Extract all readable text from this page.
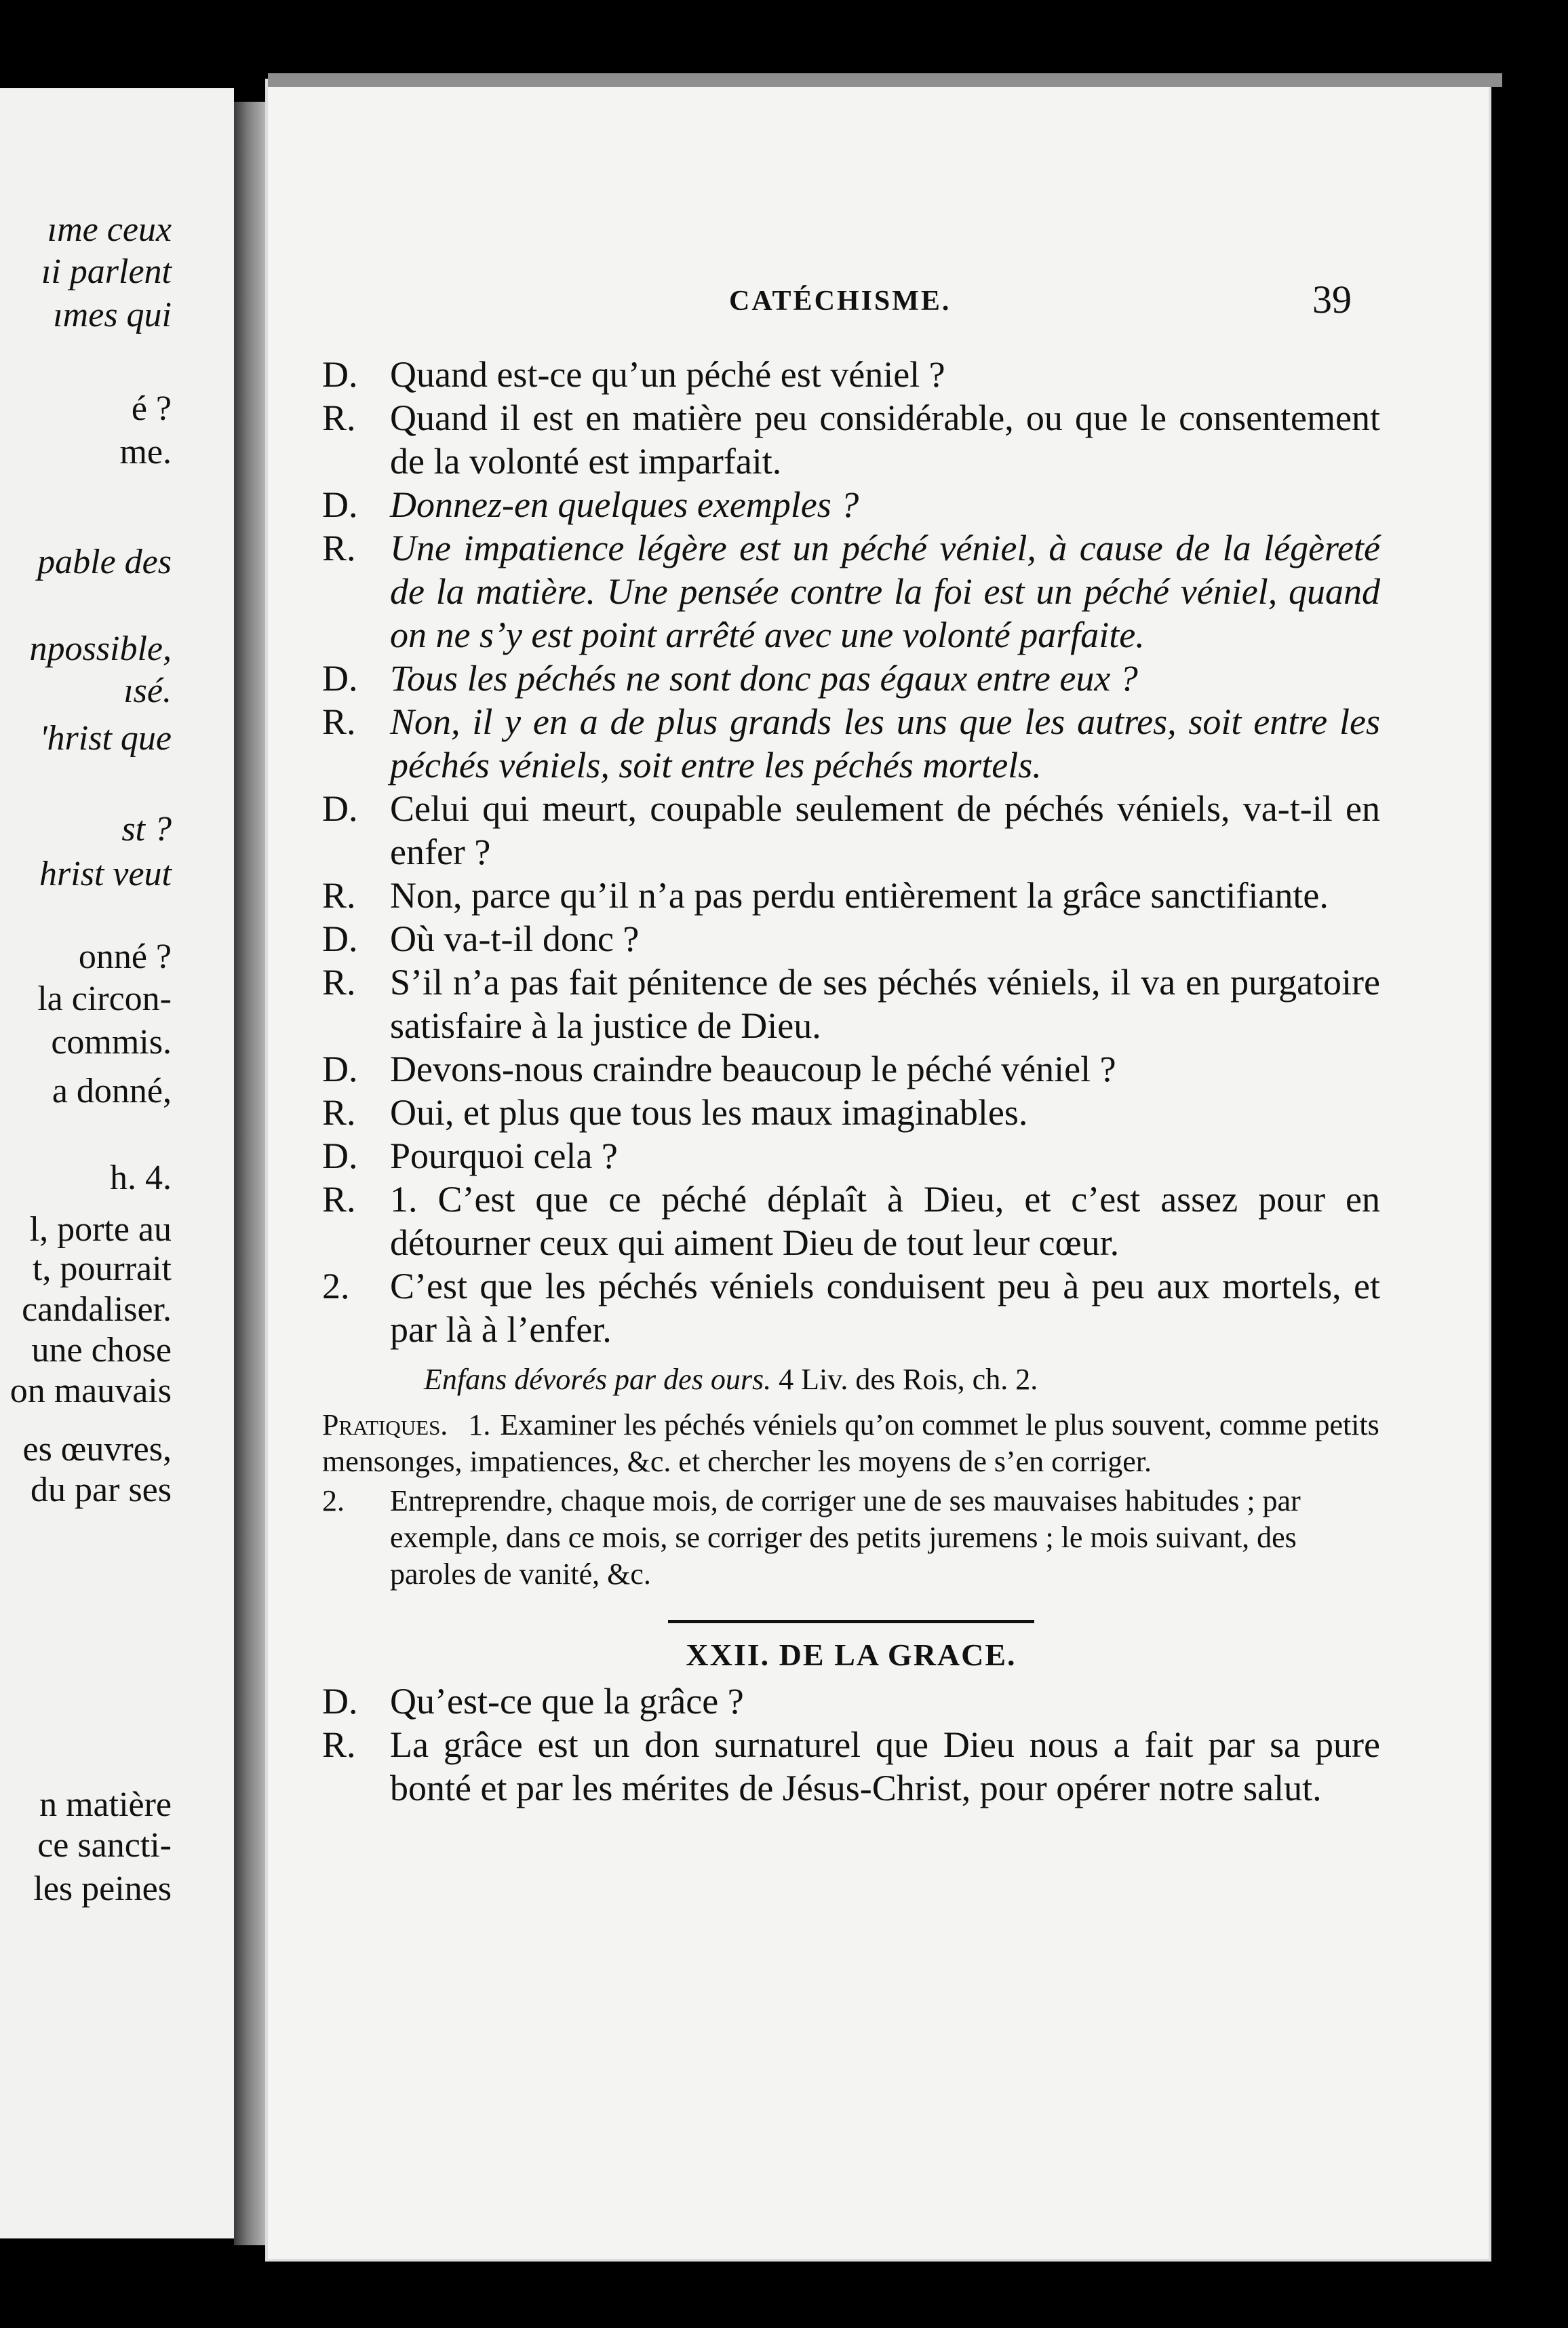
ıme ceux
ıi parlent
ımes qui
é ?
me.
pable des
npossible,
ısé.
'hrist que
st ?
hrist veut
onné ?
la circon-
commis.
a donné,
h. 4.
l, porte au
t, pourrait
candaliser.
une chose
on mauvais
es œuvres,
du par ses
n matière
ce sancti-
les peines
CATÉCHISME.	39
D. Quand est-ce qu’un péché est véniel ?
R. Quand il est en matière peu considérable, ou que le consentement de la volonté est imparfait.
D. Donnez-en quelques exemples ?
R. Une impatience légère est un péché véniel, à cause de la légèreté de la matière. Une pensée contre la foi est un péché véniel, quand on ne s’y est point arrêté avec une volonté parfaite.
D. Tous les péchés ne sont donc pas égaux entre eux ?
R. Non, il y en a de plus grands les uns que les autres, soit entre les péchés véniels, soit entre les péchés mortels.
D. Celui qui meurt, coupable seulement de péchés véniels, va-t-il en enfer ?
R. Non, parce qu’il n’a pas perdu entièrement la grâce sanctifiante.
D. Où va-t-il donc ?
R. S’il n’a pas fait pénitence de ses péchés véniels, il va en purgatoire satisfaire à la justice de Dieu.
D. Devons-nous craindre beaucoup le péché véniel ?
R. Oui, et plus que tous les maux imaginables.
D. Pourquoi cela ?
R. 1. C’est que ce péché déplaît à Dieu, et c’est assez pour en détourner ceux qui aiment Dieu de tout leur cœur.
2.	C’est que les péchés véniels conduisent peu à peu aux mortels, et par là à l’enfer.
Enfans dévorés par des ours. 4 Liv. des Rois, ch. 2.
Pratiques. 1. Examiner les péchés véniels qu’on commet le plus souvent, comme petits mensonges, impatiences, &c. et chercher les moyens de s’en corriger.
2.	Entreprendre, chaque mois, de corriger une de ses mauvaises habitudes ; par exemple, dans ce mois, se corriger des petits juremens ; le mois suivant, des paroles de vanité, &c.
XXII. DE LA GRACE.
D. Qu’est-ce que la grâce ?
R. La grâce est un don surnaturel que Dieu nous a fait par sa pure bonté et par les mérites de Jésus-Christ, pour opérer notre salut.
